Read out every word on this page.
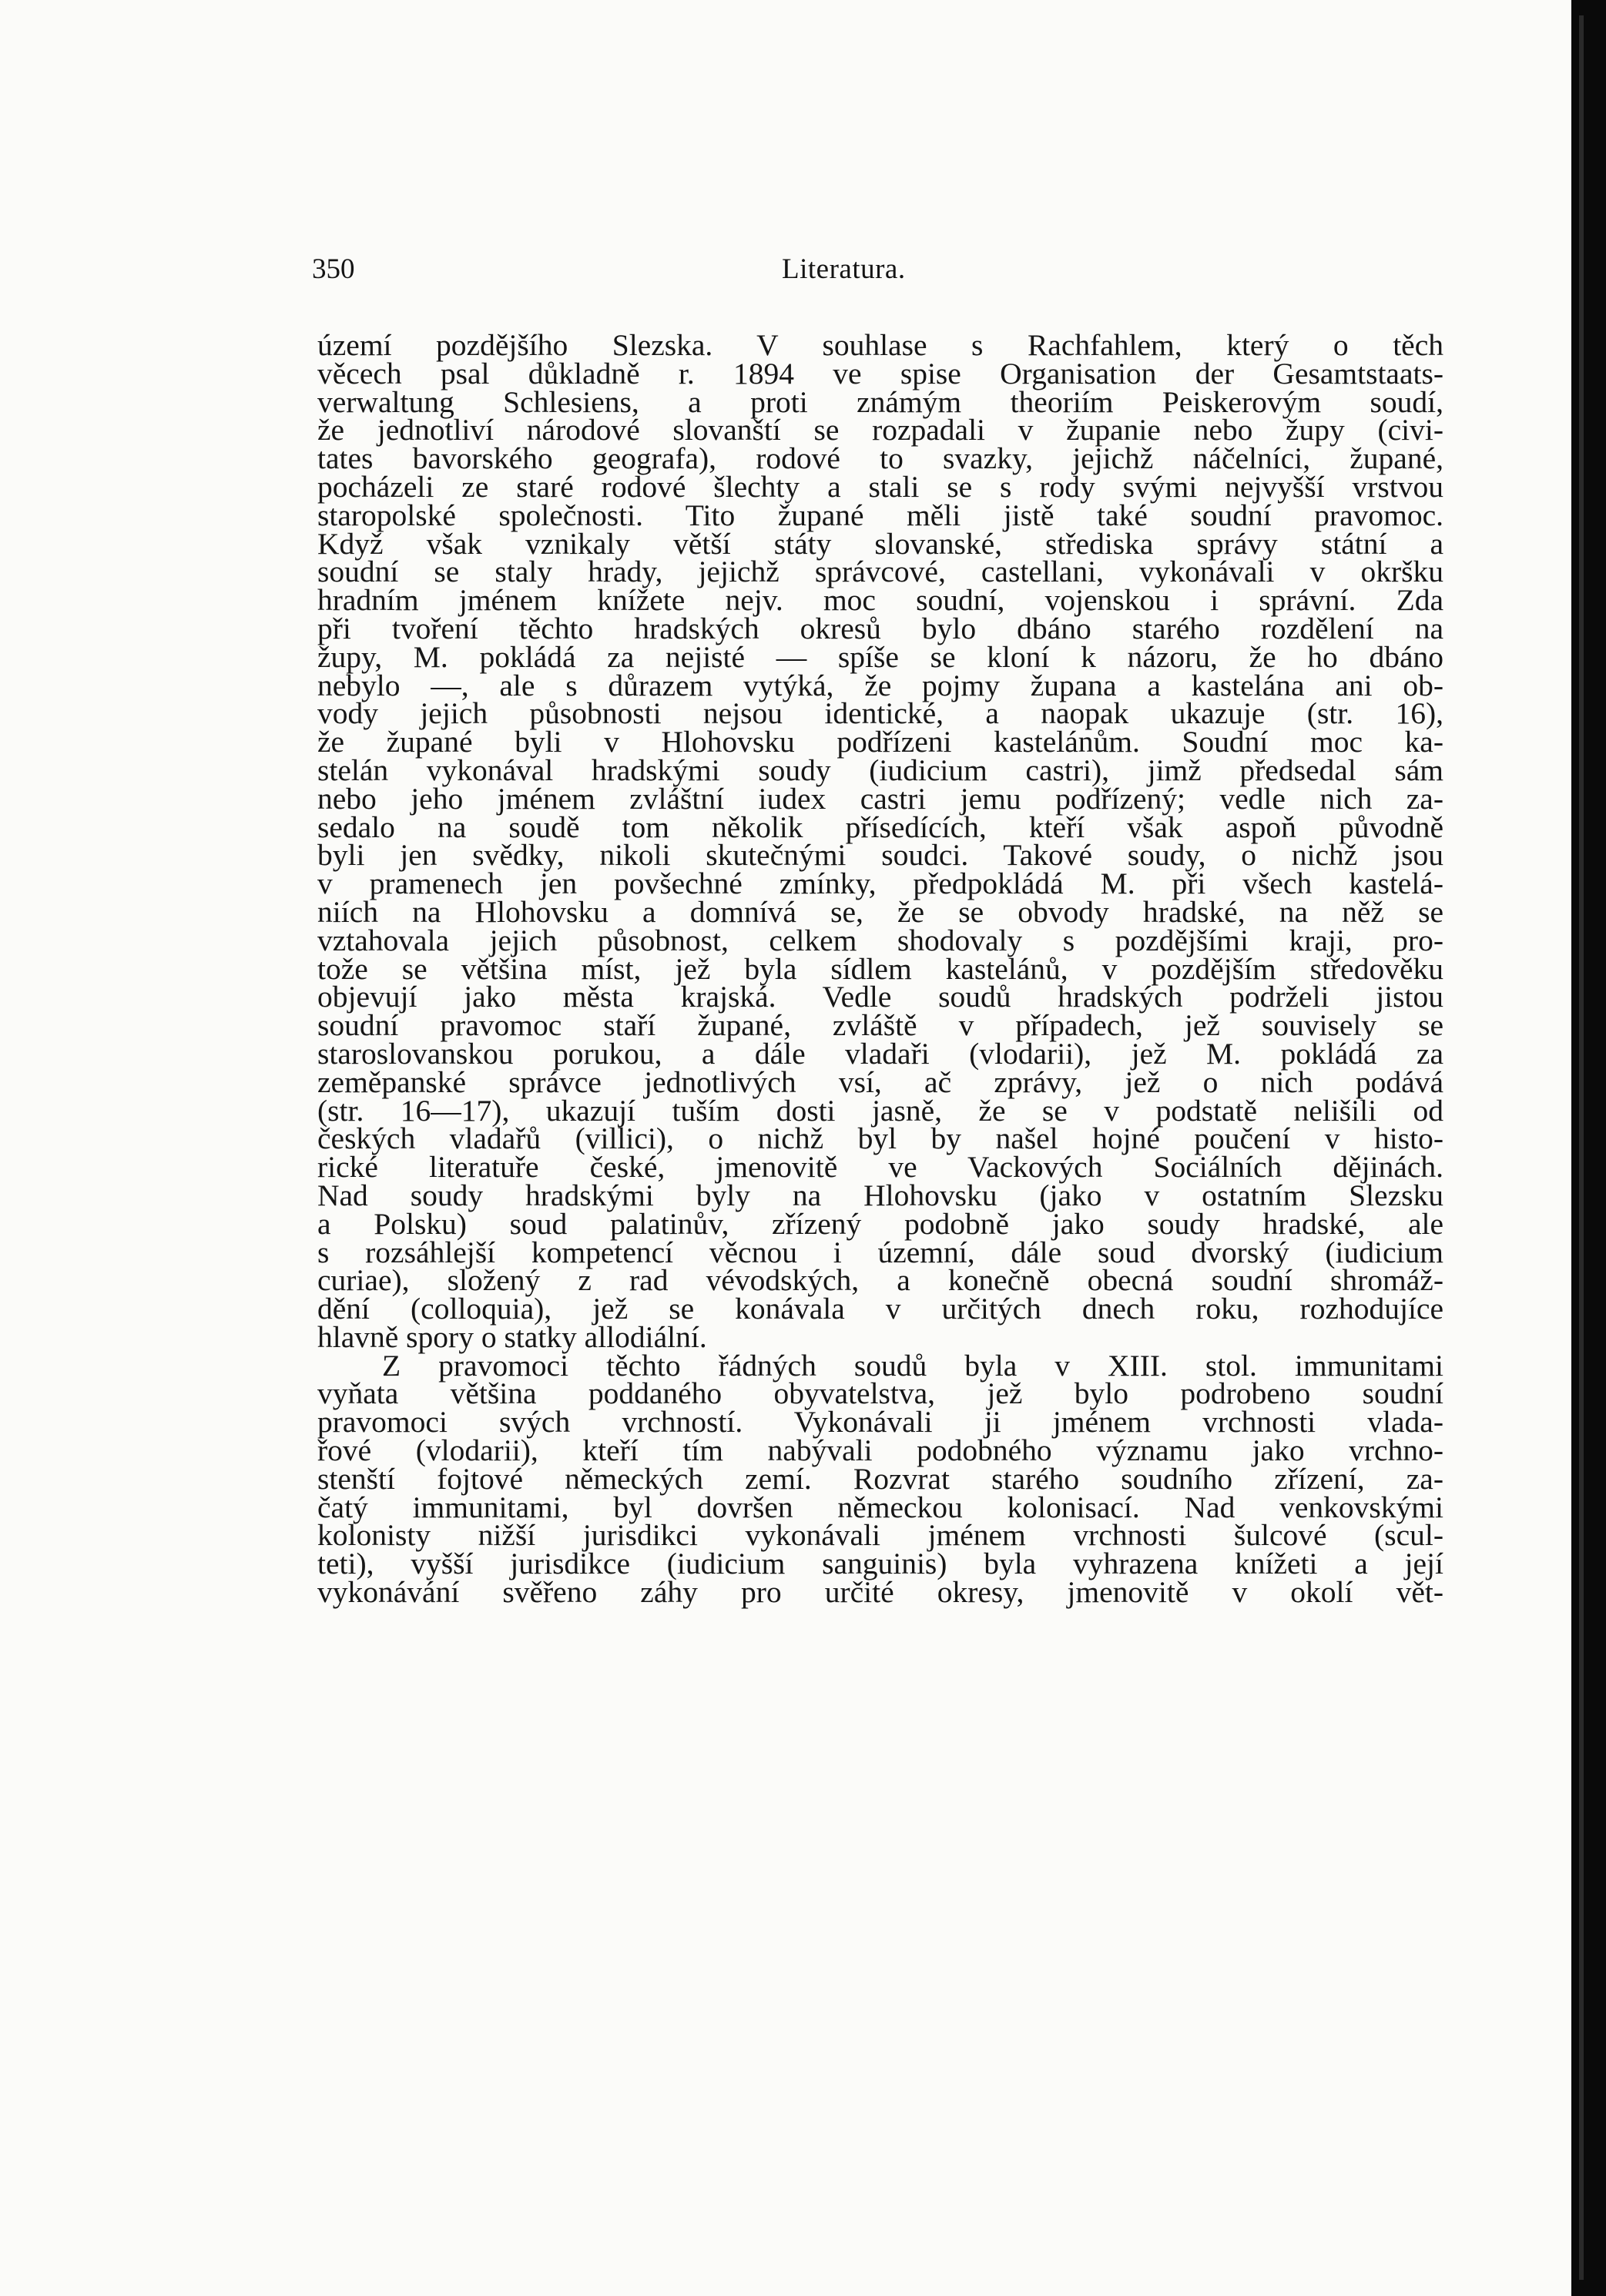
350	Literatura.
území pozdějšího Slezska. V souhlase s Rachfahlem, který o těch
věcech psal důkladně r. 1894 ve spise Organisation der Gesamtstaats-
verwaltung Schlesiens, a proti známým theoriím Peiskerovým soudí,
že jednotliví národové slovanští se rozpadali v županie nebo župy (civi-
tates bavorského geografa), rodové to svazky, jejichž náčelníci, župané,
pocházeli ze staré rodové šlechty a stali se s rody svými nejvyšší vrstvou
staropolské společnosti. Tito župané měli jistě také soudní pravomoc.
Když však vznikaly větší státy slovanské, střediska správy státní a
soudní se staly hrady, jejichž správcové, castellani, vykonávali v okršku
hradním jménem knížete nejv. moc soudní, vojenskou i správní. Zda
při tvoření těchto hradských okresů bylo dbáno starého rozdělení na
župy, M. pokládá za nejisté — spíše se kloní k názoru, že ho dbáno
nebylo —, ale s důrazem vytýká, že pojmy župana a kastelána ani ob-
vody jejich působnosti nejsou identické, a naopak ukazuje (str. 16),
že župané byli v Hlohovsku podřízeni kastelánům. Soudní moc ka-
stelán vykonával hradskými soudy (iudicium castri), jimž předsedal sám
nebo jeho jménem zvláštní iudex castri jemu podřízený; vedle nich za-
sedalo na soudě tom několik přísedících, kteří však aspoň původně
byli jen svědky, nikoli skutečnými soudci. Takové soudy, o nichž jsou
v pramenech jen povšechné zmínky, předpokládá M. při všech kastelá-
niích na Hlohovsku a domnívá se, že se obvody hradské, na něž se
vztahovala jejich působnost, celkem shodovaly s pozdějšími kraji, pro-
tože se většina míst, jež byla sídlem kastelánů, v pozdějším středověku
objevují jako města krajská. Vedle soudů hradských podrželi jistou
soudní pravomoc staří župané, zvláště v případech, jež souvisely se
staroslovanskou porukou, a dále vladaři (vlodarii), jež M. pokládá za
zeměpanské správce jednotlivých vsí, ač zprávy, jež o nich podává
(str. 16—17), ukazují tuším dosti jasně, že se v podstatě nelišili od
českých vladařů (villici), o nichž byl by našel hojné poučení v histo-
rické literatuře české, jmenovitě ve Vackových Sociálních dějinách.
Nad soudy hradskými byly na Hlohovsku (jako v ostatním Slezsku
a Polsku) soud palatinův, zřízený podobně jako soudy hradské, ale
s rozsáhlejší kompetencí věcnou i územní, dále soud dvorský (iudicium
curiae), složený z rad vévodských, a konečně obecná soudní shromáž-
dění (colloquia), jež se konávala v určitých dnech roku, rozhodujíce
hlavně spory o statky allodiální.
Z pravomoci těchto řádných soudů byla v XIII. stol. immunitami
vyňata většina poddaného obyvatelstva, jež bylo podrobeno soudní
pravomoci svých vrchností. Vykonávali ji jménem vrchnosti vlada-
řové (vlodarii), kteří tím nabývali podobného významu jako vrchno-
stenští fojtové německých zemí. Rozvrat starého soudního zřízení, za-
čatý immunitami, byl dovršen německou kolonisací. Nad venkovskými
kolonisty nižší jurisdikci vykonávali jménem vrchnosti šulcové (scul-
teti), vyšší jurisdikce (iudicium sanguinis) byla vyhrazena knížeti a její
vykonávání svěřeno záhy pro určité okresy, jmenovitě v okolí vět-
